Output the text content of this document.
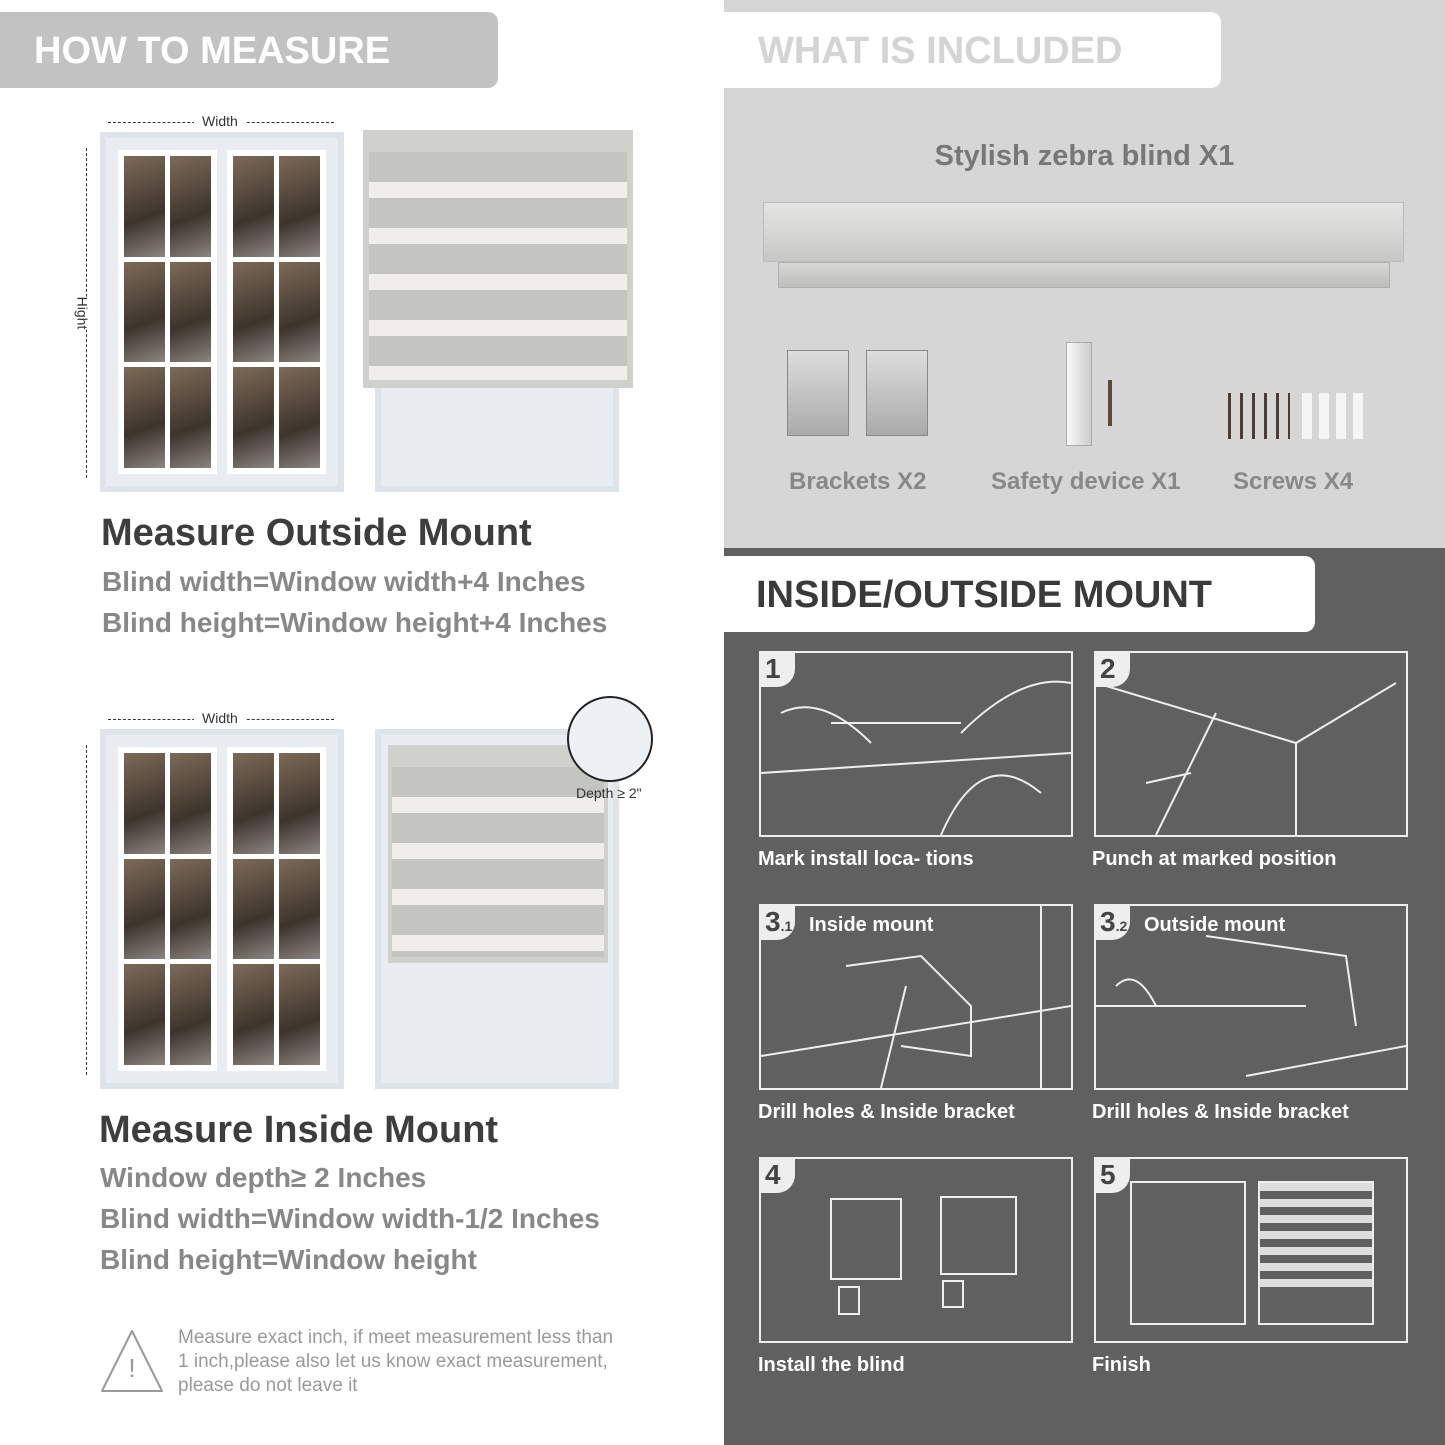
HOW TO MEASURE
Width
Hight
Measure Outside Mount
Blind width=Window width+4 Inches
Blind height=Window height+4 Inches
Width
Depth ≥ 2"
Measure Inside Mount
Window depth≥ 2 Inches
Blind width=Window width-1/2 Inches
Blind height=Window height
!
Measure exact inch, if meet measurement less than 1 inch,please also let us know exact measurement, please do not leave it
WHAT IS INCLUDED
Stylish zebra blind X1
Brackets X2	Safety device X1 Screws X4
INSIDE/OUTSIDE MOUNT
1
Mark install loca- tions
2
Punch at marked position
3.1 Inside mount
Drill holes & Inside bracket
3.2 Outside mount
Drill holes & Inside bracket
4
Install the blind
5
Finish
